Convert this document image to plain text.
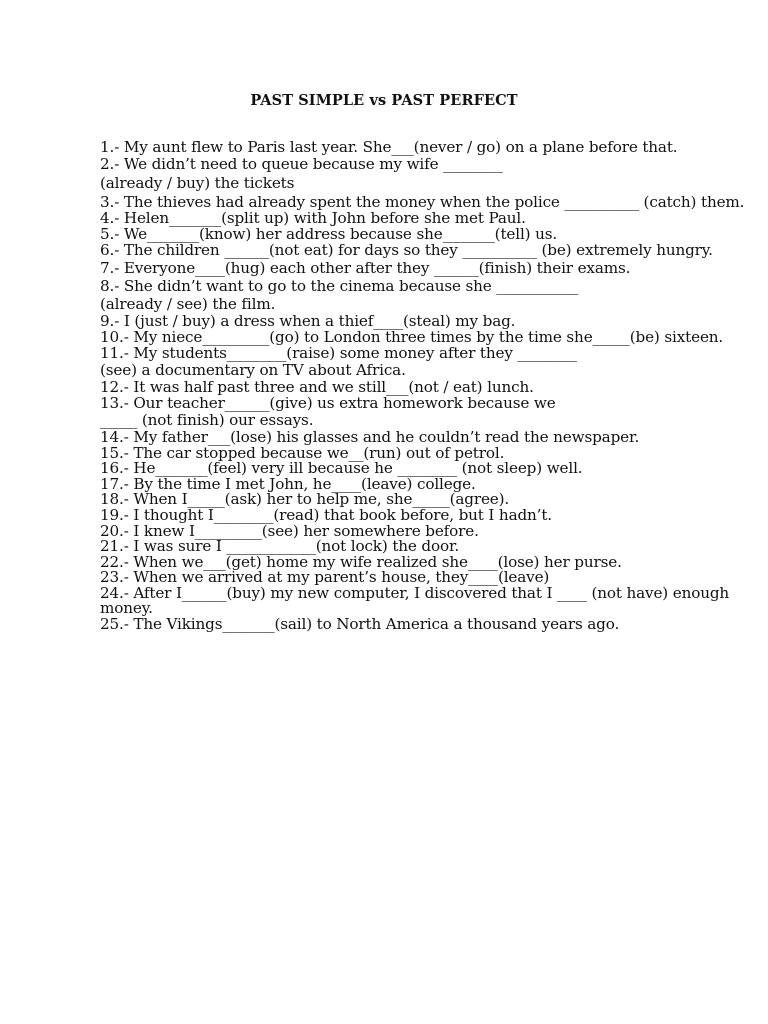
PAST SIMPLE vs PAST PERFECT
1.- My aunt flew to Paris last year. She___(never / go) on a plane before that.
2.- We didn’t need to queue because my wife ________
(already / buy) the tickets
3.- The thieves had already spent the money when the police __________ (catch) them.
4.- Helen_______(split up) with John before she met Paul.
5.- We_______(know) her address because she_______(tell) us.
6.- The children ______(not eat) for days so they __________ (be) extremely hungry.
7.- Everyone____(hug) each other after they ______(finish) their exams.
8.- She didn’t want to go to the cinema because she ___________
(already / see) the film.
9.- I (just / buy) a dress when a thief____(steal) my bag.
10.- My niece_________(go) to London three times by the time she_____(be) sixteen.
11.- My students________(raise) some money after they ________
(see) a documentary on TV about Africa.
12.- It was half past three and we still___(not / eat) lunch.
13.- Our teacher______(give) us extra homework because we
_____ (not finish) our essays.
14.- My father___(lose) his glasses and he couldn’t read the newspaper.
15.- The car stopped because we__(run) out of petrol.
16.- He_______(feel) very ill because he ________ (not sleep) well.
17.- By the time I met John, he____(leave) college.
18.- When I_____(ask) her to help me, she_____(agree).
19.- I thought I________(read) that book before, but I hadn’t.
20.- I knew I_________(see) her somewhere before.
21.- I was sure I ____________(not lock) the door.
22.- When we___(get) home my wife realized she____(lose) her purse.
23.- When we arrived at my parent’s house, they____(leave)
24.- After I______(buy) my new computer, I discovered that I ____ (not have) enough
money.
25.- The Vikings_______(sail) to North America a thousand years ago.
